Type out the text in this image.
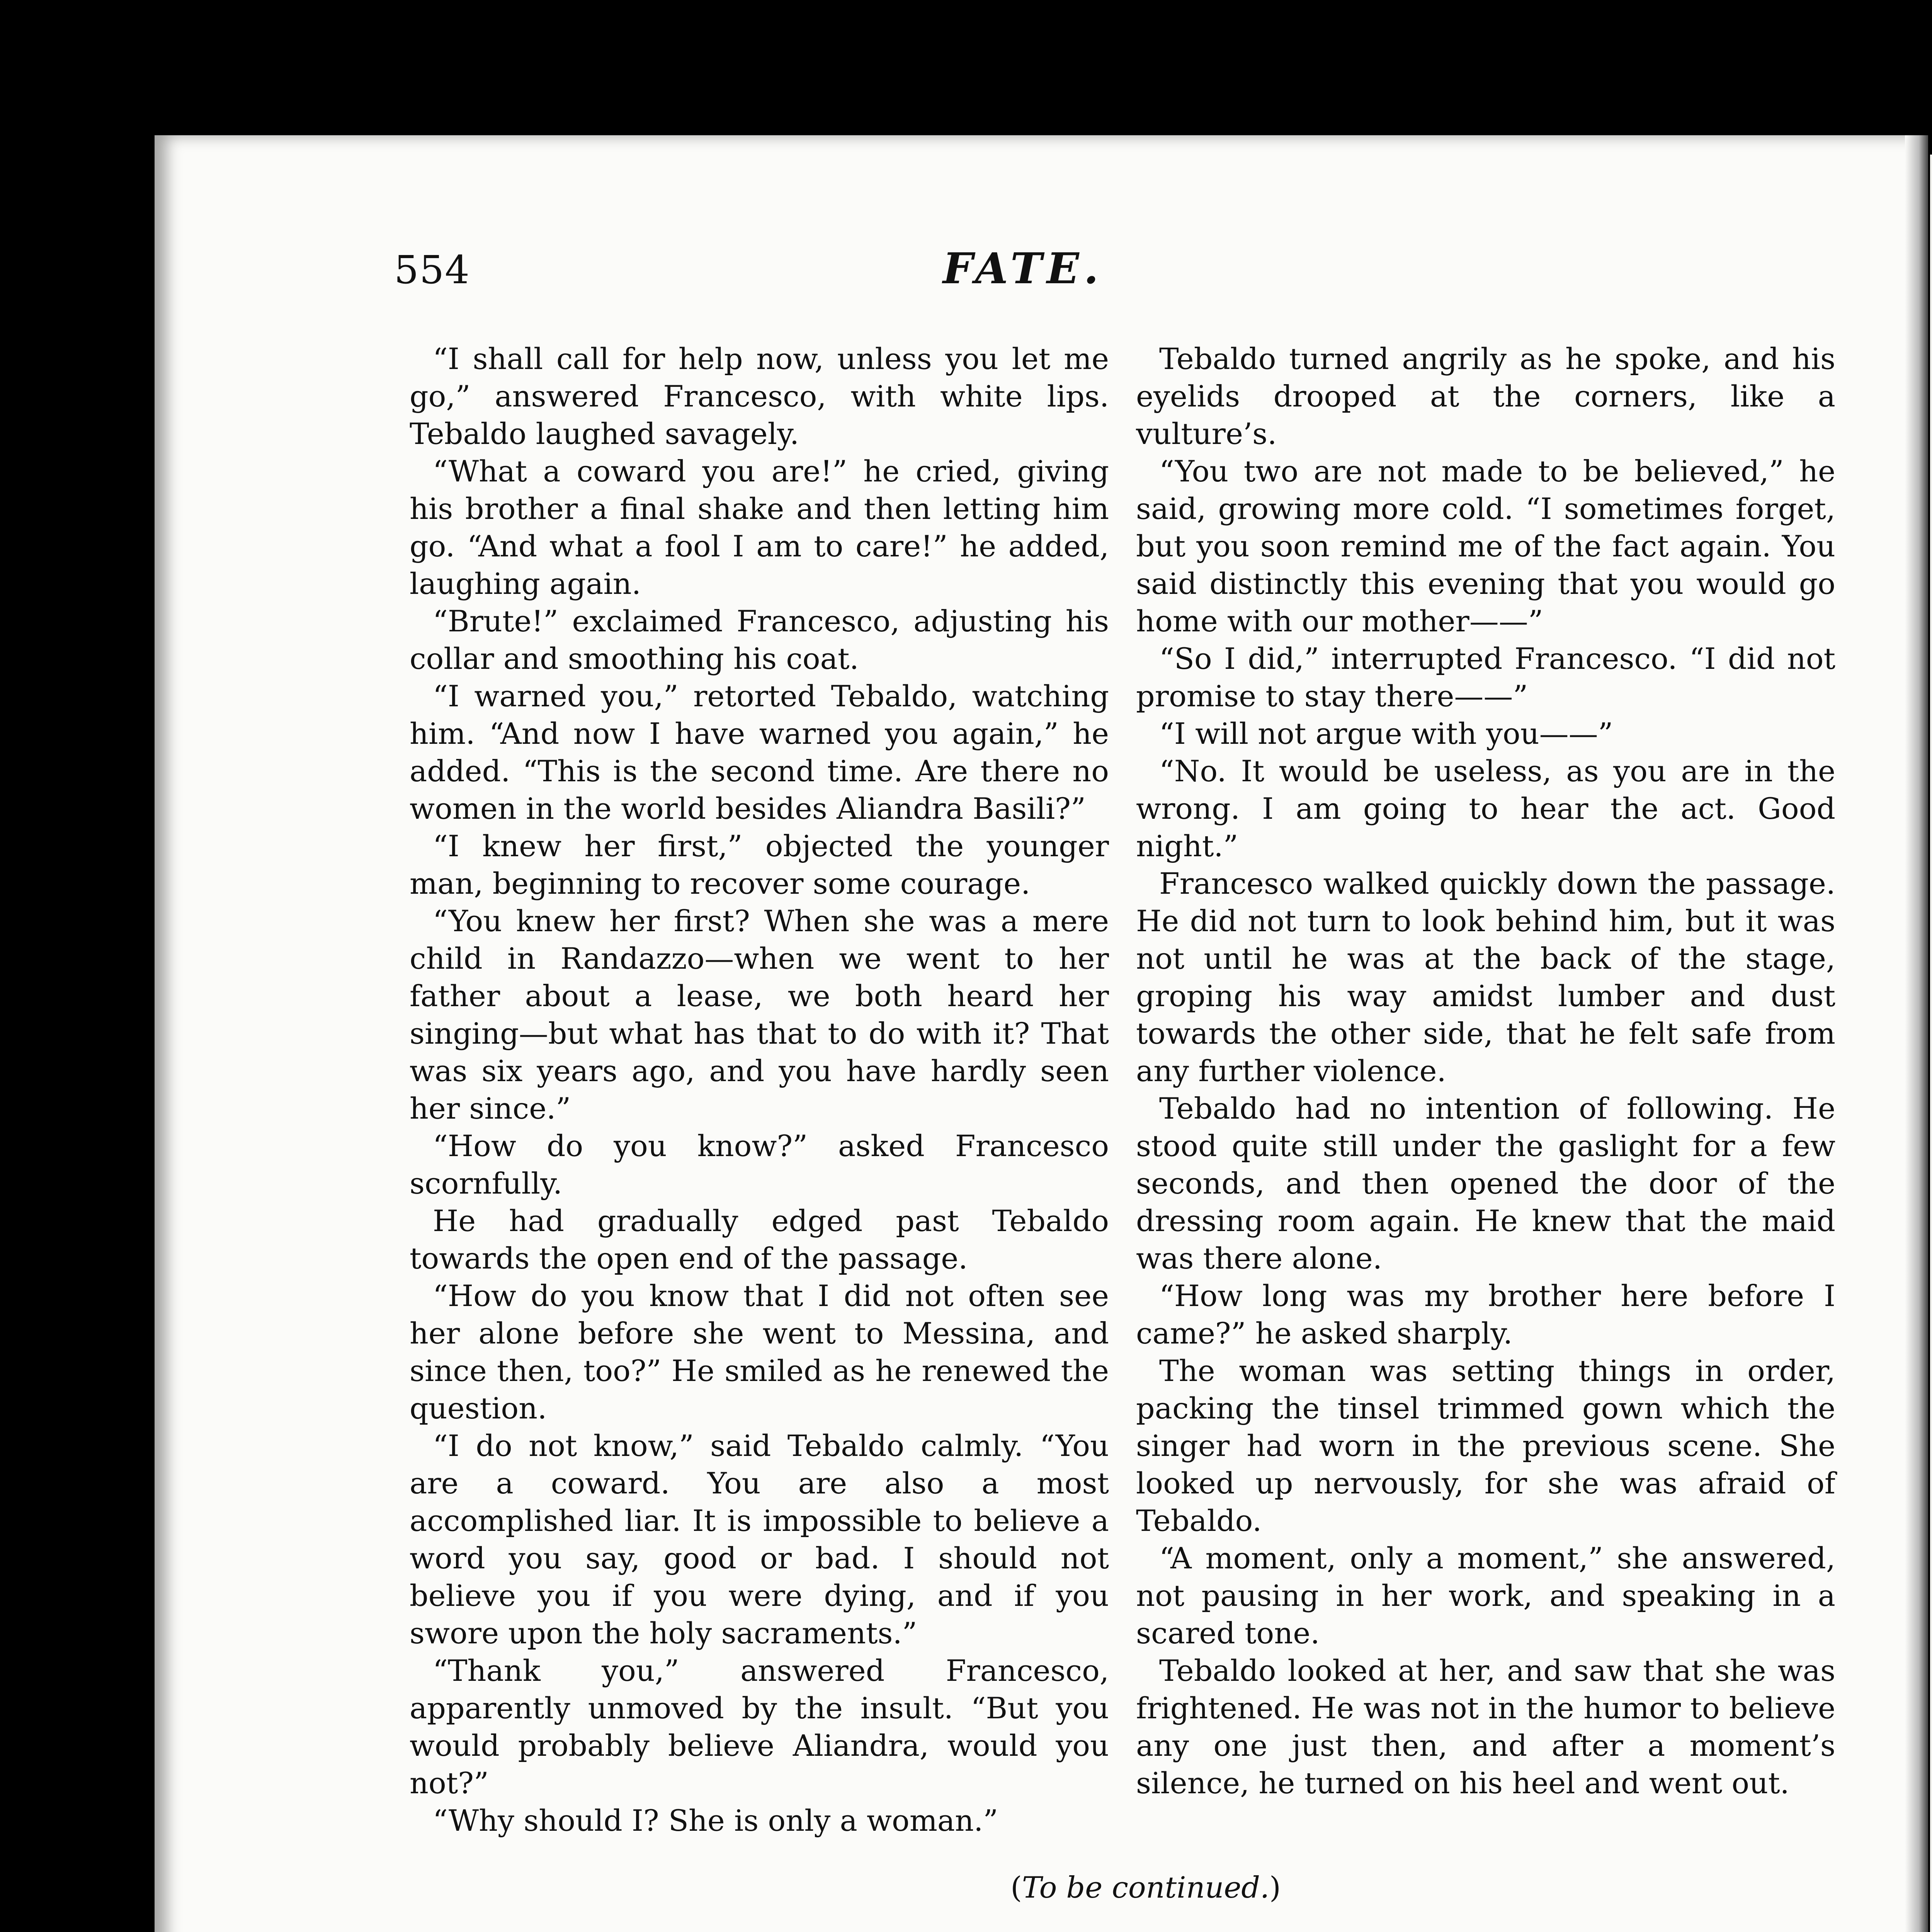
554	FATE.

“I shall call for help now, unless you let me go,” answered Francesco, with white lips. Tebaldo laughed savagely.

“What a coward you are!” he cried, giving his brother a final shake and then letting him go. “And what a fool I am to care!” he added, laughing again.

“Brute!” exclaimed Francesco, adjusting his collar and smoothing his coat.

“I warned you,” retorted Tebaldo, watching him. “And now I have warned you again,” he added. “This is the second time. Are there no women in the world besides Aliandra Basili?”

“I knew her first,” objected the younger man, beginning to recover some courage.

“You knew her first? When she was a mere child in Randazzo—when we went to her father about a lease, we both heard her singing—but what has that to do with it? That was six years ago, and you have hardly seen her since.”

“How do you know?” asked Francesco scornfully.

He had gradually edged past Tebaldo towards the open end of the passage.

“How do you know that I did not often see her alone before she went to Messina, and since then, too?” He smiled as he renewed the question.

“I do not know,” said Tebaldo calmly. “You are a coward. You are also a most accomplished liar. It is impossible to believe a word you say, good or bad. I should not believe you if you were dying, and if you swore upon the holy sacraments.”

“Thank you,” answered Francesco, apparently unmoved by the insult. “But you would probably believe Aliandra, would you not?”

“Why should I? She is only a woman.”

Tebaldo turned angrily as he spoke, and his eyelids drooped at the corners, like a vulture’s.

“You two are not made to be believed,” he said, growing more cold. “I sometimes forget, but you soon remind me of the fact again. You said distinctly this evening that you would go home with our mother——”

“So I did,” interrupted Francesco. “I did not promise to stay there——”

“I will not argue with you——”

“No. It would be useless, as you are in the wrong. I am going to hear the act. Good night.”

Francesco walked quickly down the passage. He did not turn to look behind him, but it was not until he was at the back of the stage, groping his way amidst lumber and dust towards the other side, that he felt safe from any further violence.

Tebaldo had no intention of following. He stood quite still under the gaslight for a few seconds, and then opened the door of the dressing room again. He knew that the maid was there alone.

“How long was my brother here before I came?” he asked sharply.

The woman was setting things in order, packing the tinsel trimmed gown which the singer had worn in the previous scene. She looked up nervously, for she was afraid of Tebaldo.

“A moment, only a moment,” she answered, not pausing in her work, and speaking in a scared tone.

Tebaldo looked at her, and saw that she was frightened. He was not in the humor to believe any one just then, and after a moment’s silence, he turned on his heel and went out.

(To be continued.)
